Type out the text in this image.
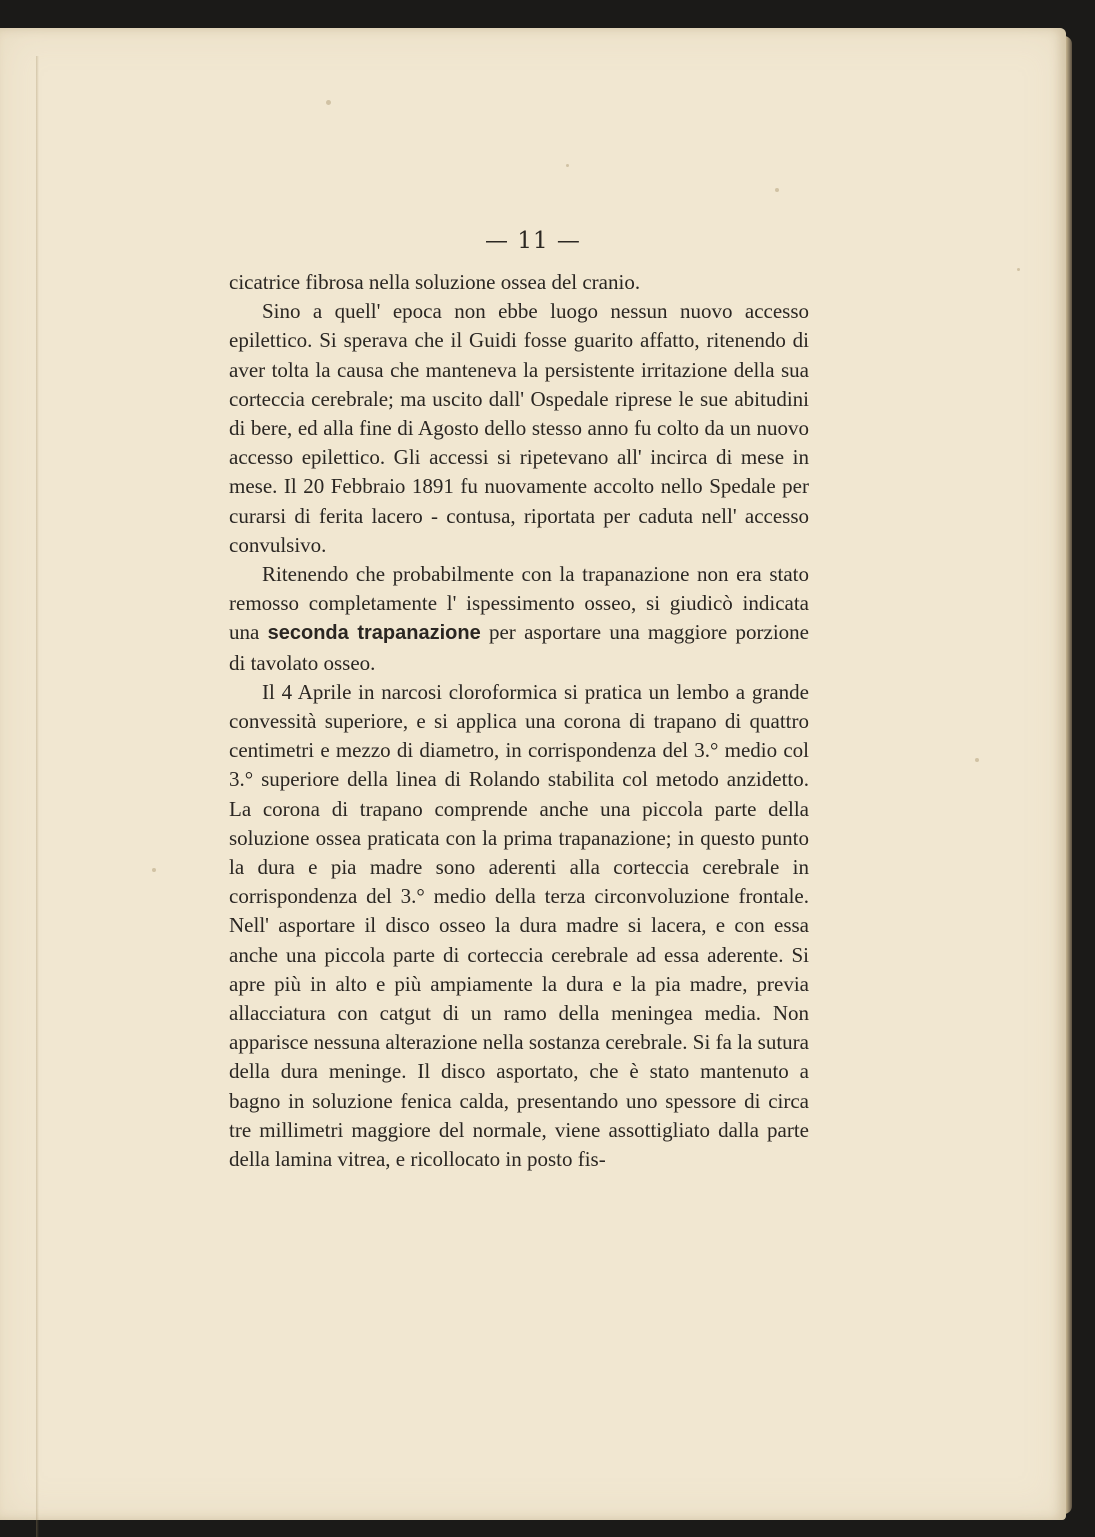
— 11 —

cicatrice fibrosa nella soluzione ossea del cranio.

Sino a quell' epoca non ebbe luogo nessun nuovo accesso epilettico. Si sperava che il Guidi fosse guarito affatto, ritenendo di aver tolta la causa che manteneva la persistente irritazione della sua corteccia cerebrale; ma uscito dall' Ospedale riprese le sue abitudini di bere, ed alla fine di Agosto dello stesso anno fu colto da un nuovo accesso epilettico. Gli accessi si ripetevano all' incirca di mese in mese. Il 20 Febbraio 1891 fu nuovamente accolto nello Spedale per curarsi di ferita lacero - contusa, riportata per caduta nell' accesso convulsivo.

Ritenendo che probabilmente con la trapanazione non era stato remosso completamente l' ispessimento osseo, si giudicò indicata una seconda trapanazione per asportare una maggiore porzione di tavolato osseo.

Il 4 Aprile in narcosi cloroformica si pratica un lembo a grande convessità superiore, e si applica una corona di trapano di quattro centimetri e mezzo di diametro, in corrispondenza del 3.° medio col 3.° superiore della linea di Rolando stabilita col metodo anzidetto. La corona di trapano comprende anche una piccola parte della soluzione ossea praticata con la prima trapanazione; in questo punto la dura e pia madre sono aderenti alla corteccia cerebrale in corrispondenza del 3.° medio della terza circonvoluzione frontale. Nell' asportare il disco osseo la dura madre si lacera, e con essa anche una piccola parte di corteccia cerebrale ad essa aderente. Si apre più in alto e più ampiamente la dura e la pia madre, previa allacciatura con catgut di un ramo della meningea media. Non apparisce nessuna alterazione nella sostanza cerebrale. Si fa la sutura della dura meninge. Il disco asportato, che è stato mantenuto a bagno in soluzione fenica calda, presentando uno spessore di circa tre millimetri maggiore del normale, viene assottigliato dalla parte della lamina vitrea, e ricollocato in posto fis-
